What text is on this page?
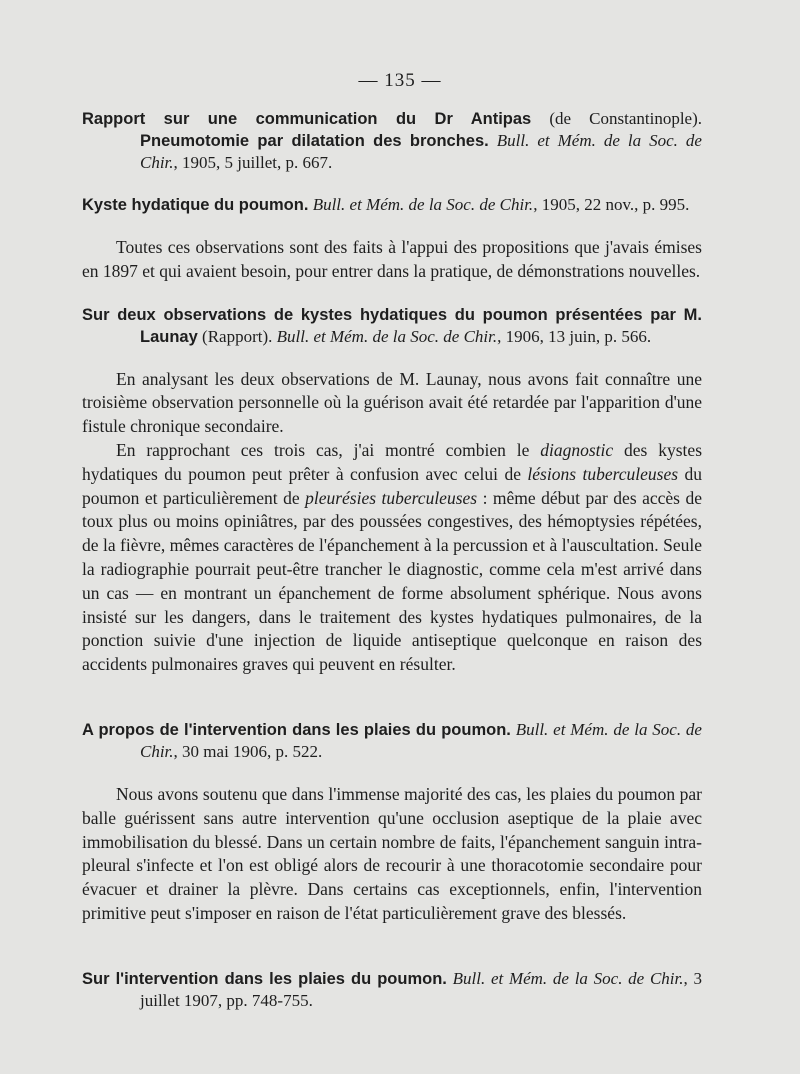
— 135 —
Rapport sur une communication du Dr Antipas (de Constantinople). Pneumotomie par dilatation des bronches. Bull. et Mém. de la Soc. de Chir., 1905, 5 juillet, p. 667.
Kyste hydatique du poumon. Bull. et Mém. de la Soc. de Chir., 1905, 22 nov., p. 995.

Toutes ces observations sont des faits à l'appui des propositions que j'avais émises en 1897 et qui avaient besoin, pour entrer dans la pratique, de démonstrations nouvelles.

Sur deux observations de kystes hydatiques du poumon présentées par M. Launay (Rapport). Bull. et Mém. de la Soc. de Chir., 1906, 13 juin, p. 566.

En analysant les deux observations de M. Launay, nous avons fait connaître une troisième observation personnelle où la guérison avait été retardée par l'apparition d'une fistule chronique secondaire.

En rapprochant ces trois cas, j'ai montré combien le diagnostic des kystes hydatiques du poumon peut prêter à confusion avec celui de lésions tuberculeuses du poumon et particulièrement de pleurésies tuberculeuses : même début par des accès de toux plus ou moins opiniâtres, par des poussées congestives, des hémoptysies répétées, de la fièvre, mêmes caractères de l'épanchement à la percussion et à l'auscultation. Seule la radiographie pourrait peut-être trancher le diagnostic, comme cela m'est arrivé dans un cas — en montrant un épanchement de forme absolument sphérique. Nous avons insisté sur les dangers, dans le traitement des kystes hydatiques pulmonaires, de la ponction suivie d'une injection de liquide antiseptique quelconque en raison des accidents pulmonaires graves qui peuvent en résulter.

A propos de l'intervention dans les plaies du poumon. Bull. et Mém. de la Soc. de Chir., 30 mai 1906, p. 522.

Nous avons soutenu que dans l'immense majorité des cas, les plaies du poumon par balle guérissent sans autre intervention qu'une occlusion aseptique de la plaie avec immobilisation du blessé. Dans un certain nombre de faits, l'épanchement sanguin intra-pleural s'infecte et l'on est obligé alors de recourir à une thoracotomie secondaire pour évacuer et drainer la plèvre. Dans certains cas exceptionnels, enfin, l'intervention primitive peut s'imposer en raison de l'état particulièrement grave des blessés.

Sur l'intervention dans les plaies du poumon. Bull. et Mém. de la Soc. de Chir., 3 juillet 1907, pp. 748-755.
